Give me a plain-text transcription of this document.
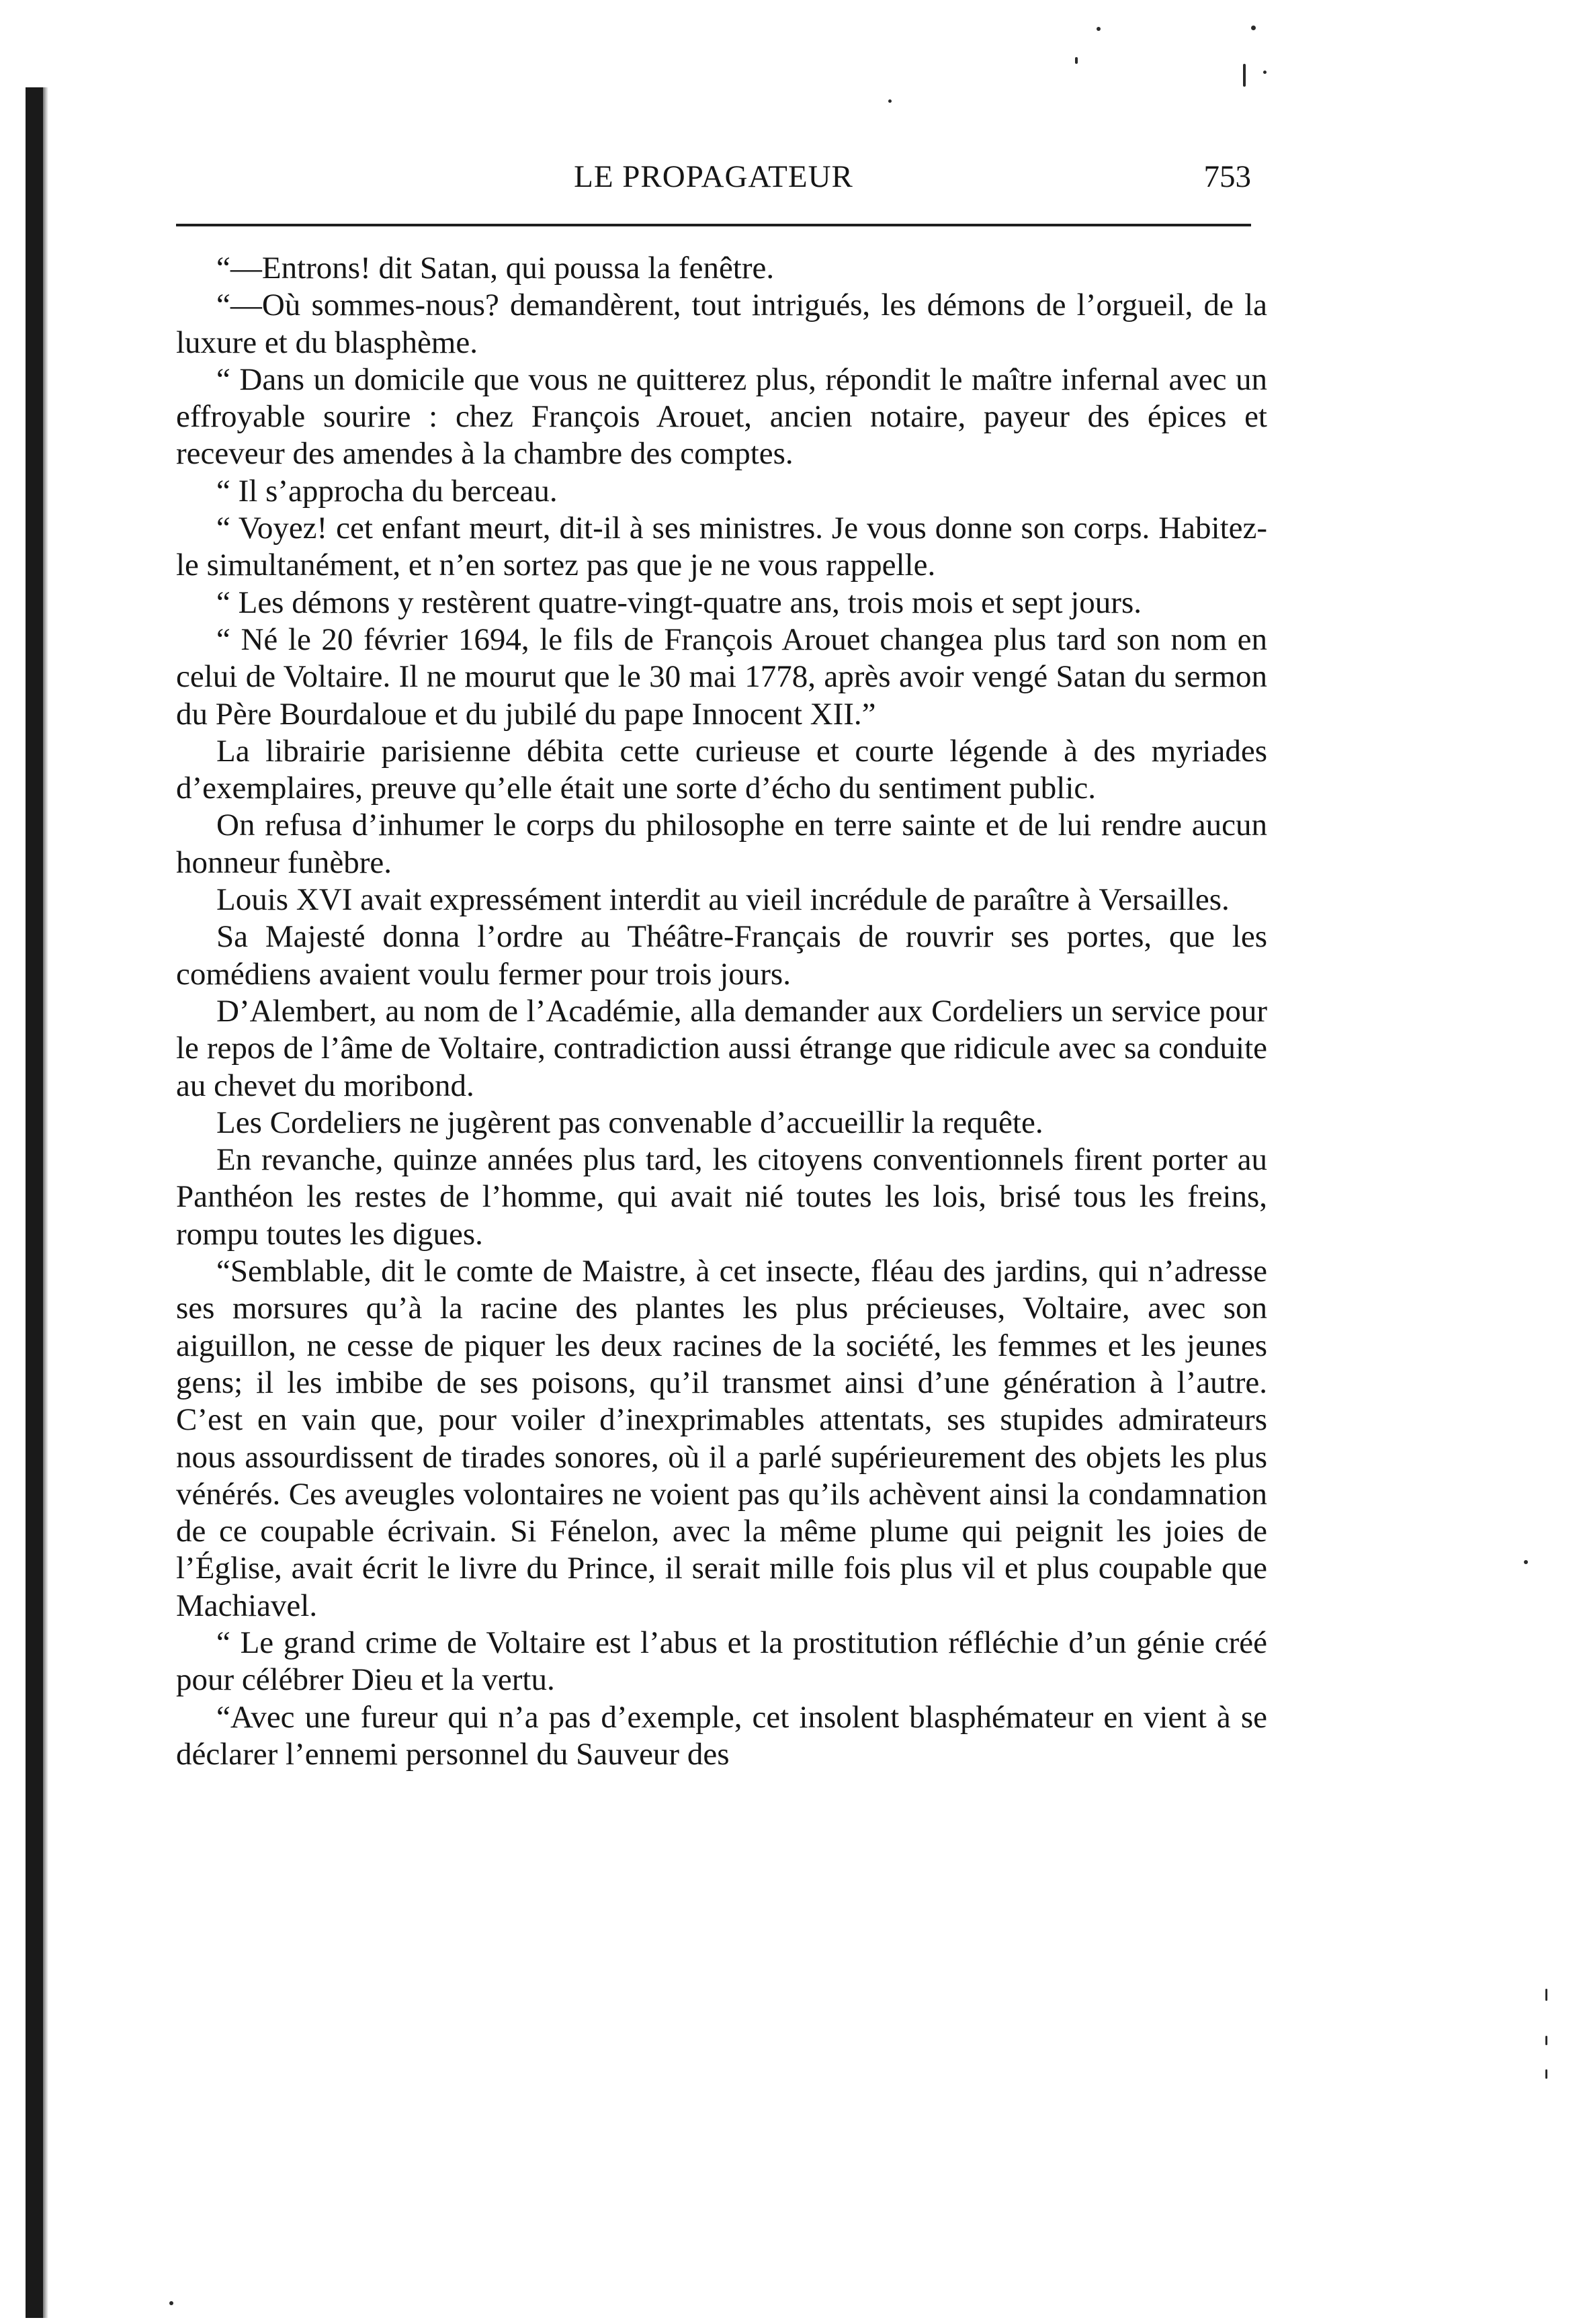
LE PROPAGATEUR	753

“—Entrons! dit Satan, qui poussa la fenêtre.

“—Où sommes-nous? demandèrent, tout intrigués, les démons de l’orgueil, de la luxure et du blasphème.

“ Dans un domicile que vous ne quitterez plus, répondit le maître infernal avec un effroyable sourire : chez François Arouet, ancien notaire, payeur des épices et receveur des amendes à la chambre des comptes.

“ Il s’approcha du berceau.

“ Voyez! cet enfant meurt, dit-il à ses ministres. Je vous donne son corps. Habitez-le simultanément, et n’en sortez pas que je ne vous rappelle.

“ Les démons y restèrent quatre-vingt-quatre ans, trois mois et sept jours.

“ Né le 20 février 1694, le fils de François Arouet changea plus tard son nom en celui de Voltaire. Il ne mourut que le 30 mai 1778, après avoir vengé Satan du sermon du Père Bourdaloue et du jubilé du pape Innocent XII.”

La librairie parisienne débita cette curieuse et courte légende à des myriades d’exemplaires, preuve qu’elle était une sorte d’écho du sentiment public.

On refusa d’inhumer le corps du philosophe en terre sainte et de lui rendre aucun honneur funèbre.

Louis XVI avait expressément interdit au vieil incrédule de paraître à Versailles.

Sa Majesté donna l’ordre au Théâtre-Français de rouvrir ses portes, que les comédiens avaient voulu fermer pour trois jours.

D’Alembert, au nom de l’Académie, alla demander aux Cordeliers un service pour le repos de l’âme de Voltaire, contradiction aussi étrange que ridicule avec sa conduite au chevet du moribond.

Les Cordeliers ne jugèrent pas convenable d’accueillir la requête.

En revanche, quinze années plus tard, les citoyens conventionnels firent porter au Panthéon les restes de l’homme, qui avait nié toutes les lois, brisé tous les freins, rompu toutes les digues.

“Semblable, dit le comte de Maistre, à cet insecte, fléau des jardins, qui n’adresse ses morsures qu’à la racine des plantes les plus précieuses, Voltaire, avec son aiguillon, ne cesse de piquer les deux racines de la société, les femmes et les jeunes gens; il les imbibe de ses poisons, qu’il transmet ainsi d’une génération à l’autre. C’est en vain que, pour voiler d’inexprimables attentats, ses stupides admirateurs nous assourdissent de tirades sonores, où il a parlé supérieurement des objets les plus vénérés. Ces aveugles volontaires ne voient pas qu’ils achèvent ainsi la condamnation de ce coupable écrivain. Si Fénelon, avec la même plume qui peignit les joies de l’Église, avait écrit le livre du Prince, il serait mille fois plus vil et plus coupable que Machiavel.

“ Le grand crime de Voltaire est l’abus et la prostitution réfléchie d’un génie créé pour célébrer Dieu et la vertu.

“Avec une fureur qui n’a pas d’exemple, cet insolent blasphémateur en vient à se déclarer l’ennemi personnel du Sauveur des
